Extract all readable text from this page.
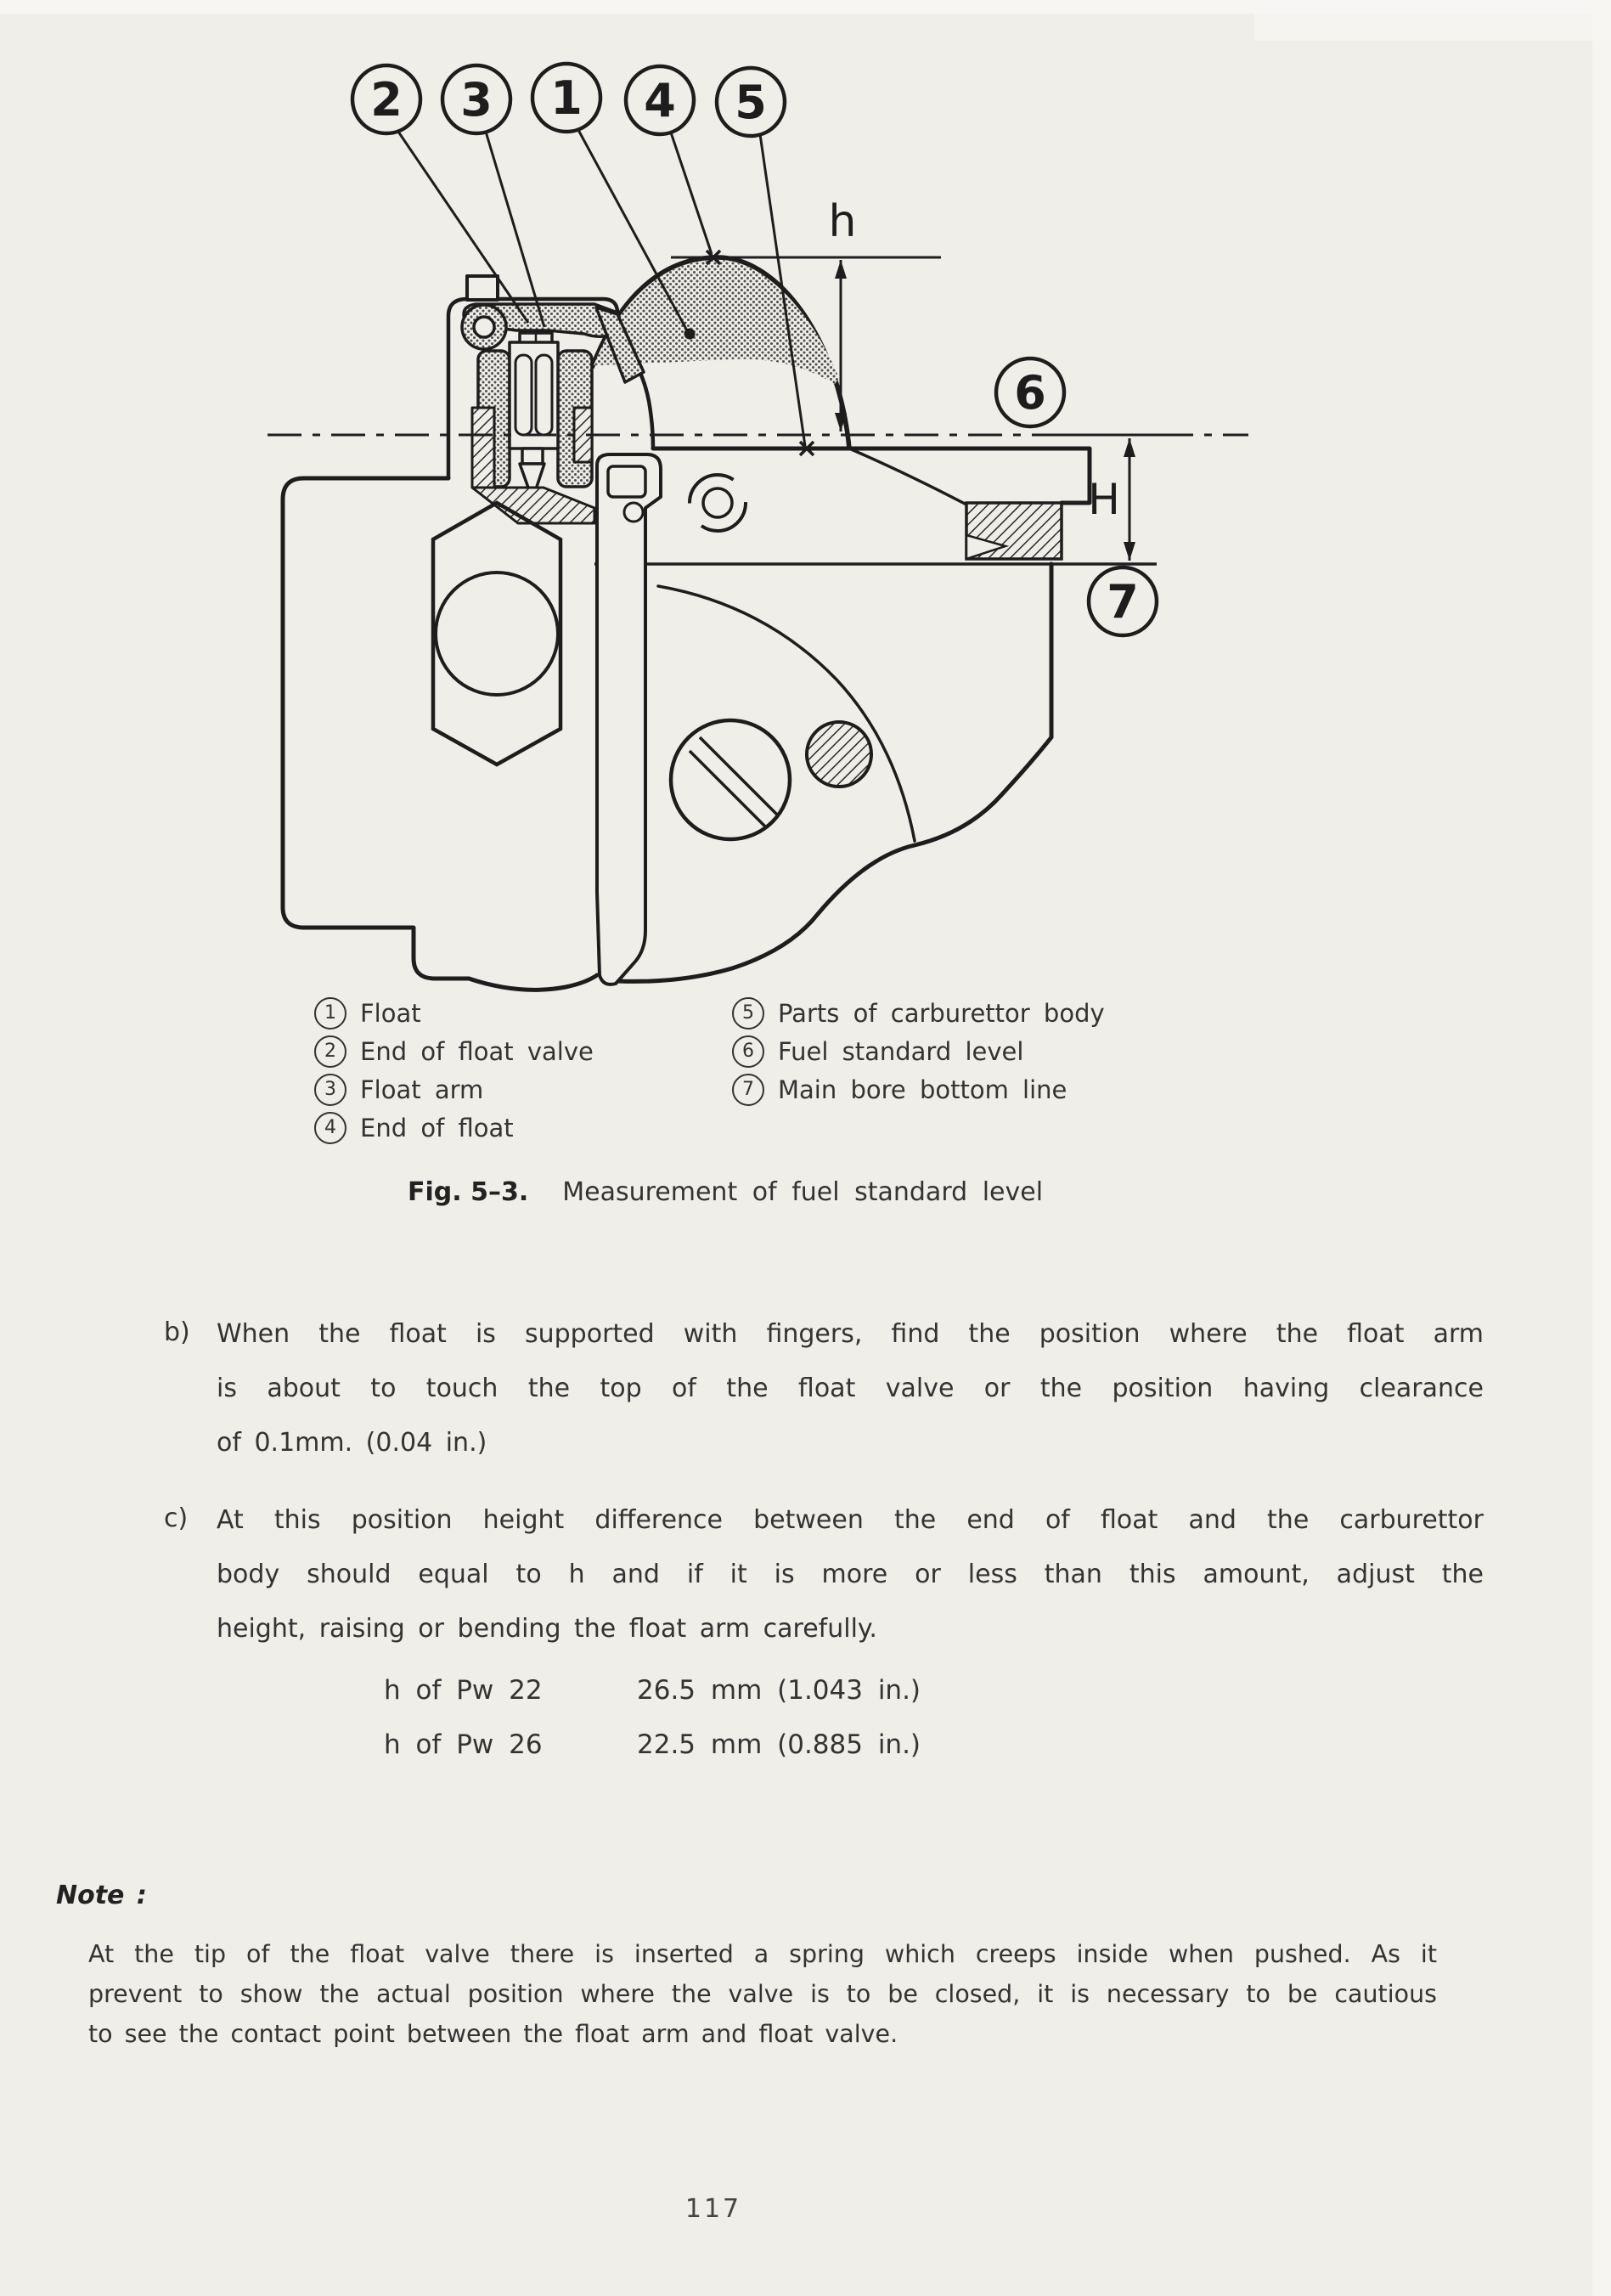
h
H
2 3 1 4 5
6
7
1 Float
2 End of float valve
3 Float arm
4 End of float
5 Parts of carburettor body
6 Fuel standard level
7 Main bore bottom line
Fig. 5–3. Measurement of fuel standard level
b) When the float is supported with fingers, find the position where the float arm
is about to touch the top of the float valve or the position having clearance
of 0.1mm. (0.04 in.)
c) At this position height difference between the end of float and the carburettor
body should equal to h and if it is more or less than this amount, adjust the
height, raising or bending the float arm carefully.
h of Pw 22	26.5 mm (1.043 in.)
h of Pw 26	22.5 mm (0.885 in.)
Note :
At the tip of the float valve there is inserted a spring which creeps inside when pushed. As it
prevent to show the actual position where the valve is to be closed, it is necessary to be cautious
to see the contact point between the float arm and float valve.
117
